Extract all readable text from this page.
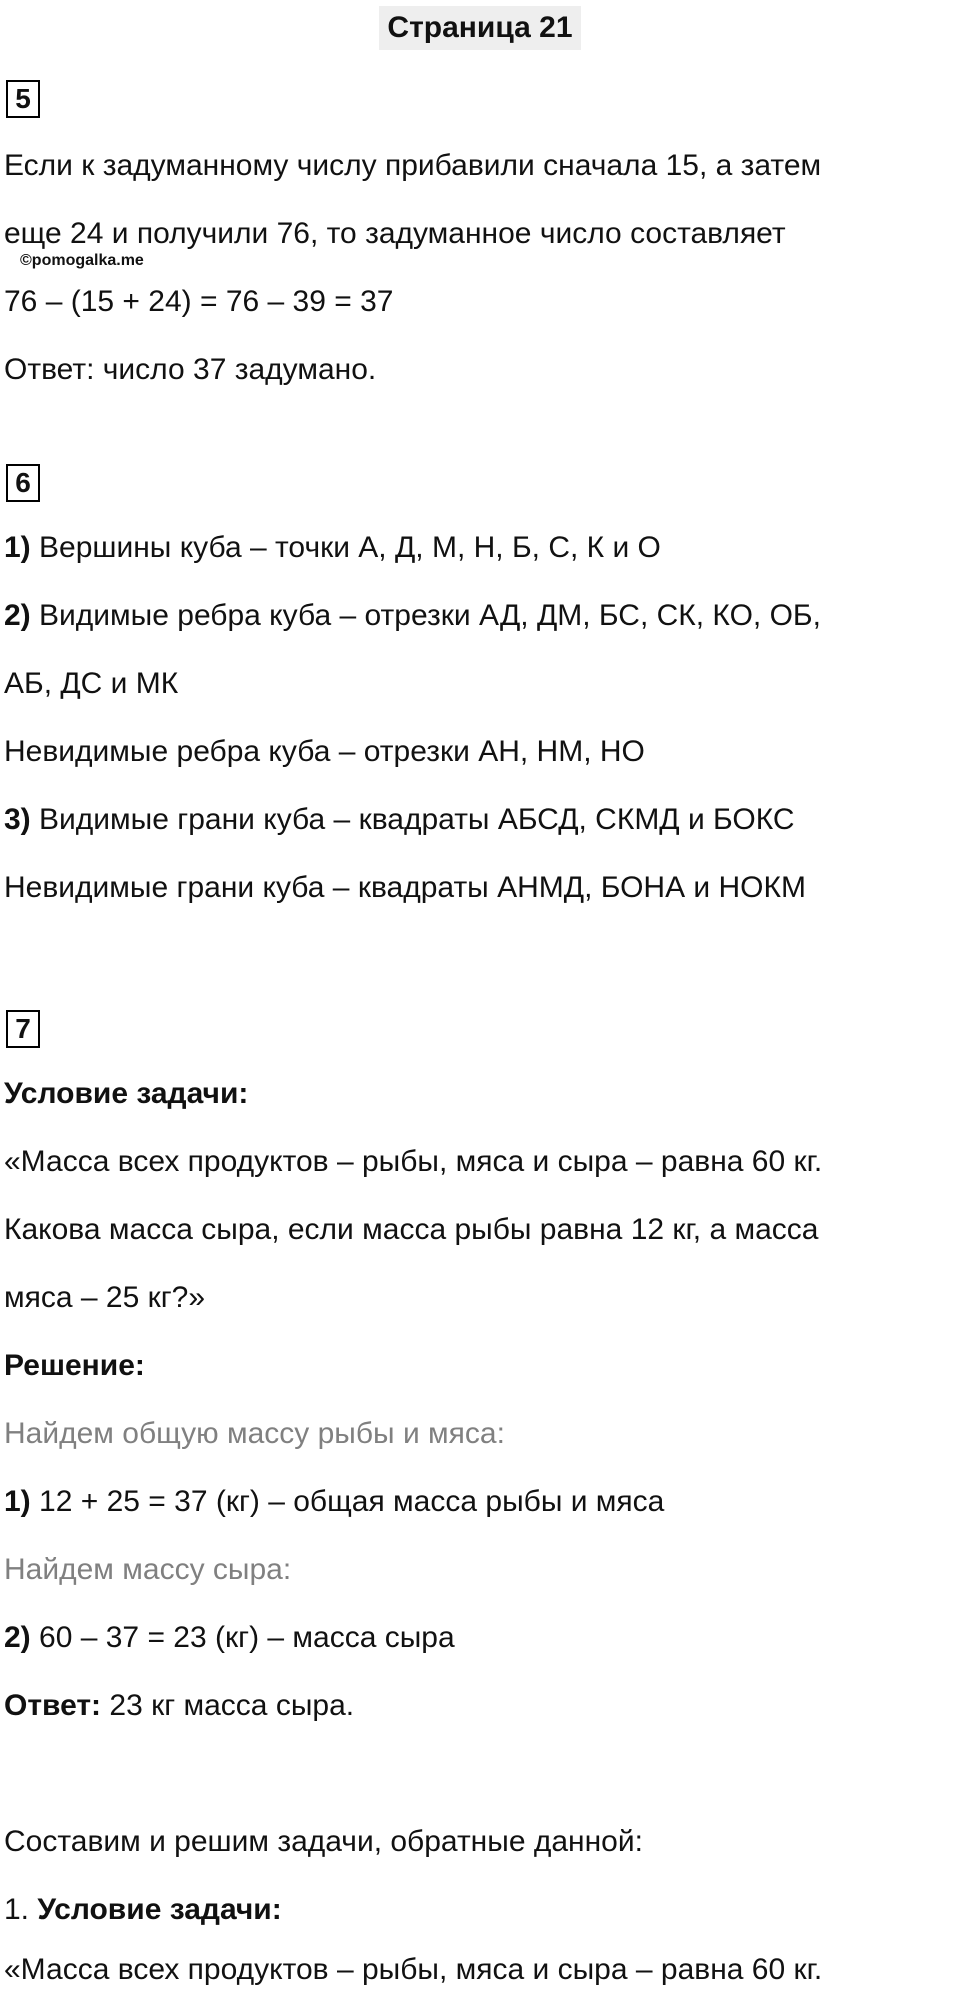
Страница 21
5
Если к задуманному числу прибавили сначала 15, а затем
еще 24 и получили 76, то задуманное число составляет
©pomogalka.me
76 – (15 + 24) = 76 – 39 = 37
Ответ: число 37 задумано.
6
1) Вершины куба – точки А, Д, М, Н, Б, С, К и О
2) Видимые ребра куба – отрезки АД, ДМ, БС, СК, КО, ОБ,
АБ, ДС и МК
Невидимые ребра куба – отрезки АН, НМ, НО
3) Видимые грани куба – квадраты АБСД, СКМД и БОКС
Невидимые грани куба – квадраты АНМД, БОНА и НОКМ
7
Условие задачи:
«Масса всех продуктов – рыбы, мяса и сыра – равна 60 кг.
Какова масса сыра, если масса рыбы равна 12 кг, а масса
мяса – 25 кг?»
Решение:
Найдем общую массу рыбы и мяса:
1) 12 + 25 = 37 (кг) – общая масса рыбы и мяса
Найдем массу сыра:
2) 60 – 37 = 23 (кг) – масса сыра
Ответ: 23 кг масса сыра.
Составим и решим задачи, обратные данной:
1. Условие задачи:
«Масса всех продуктов – рыбы, мяса и сыра – равна 60 кг.
